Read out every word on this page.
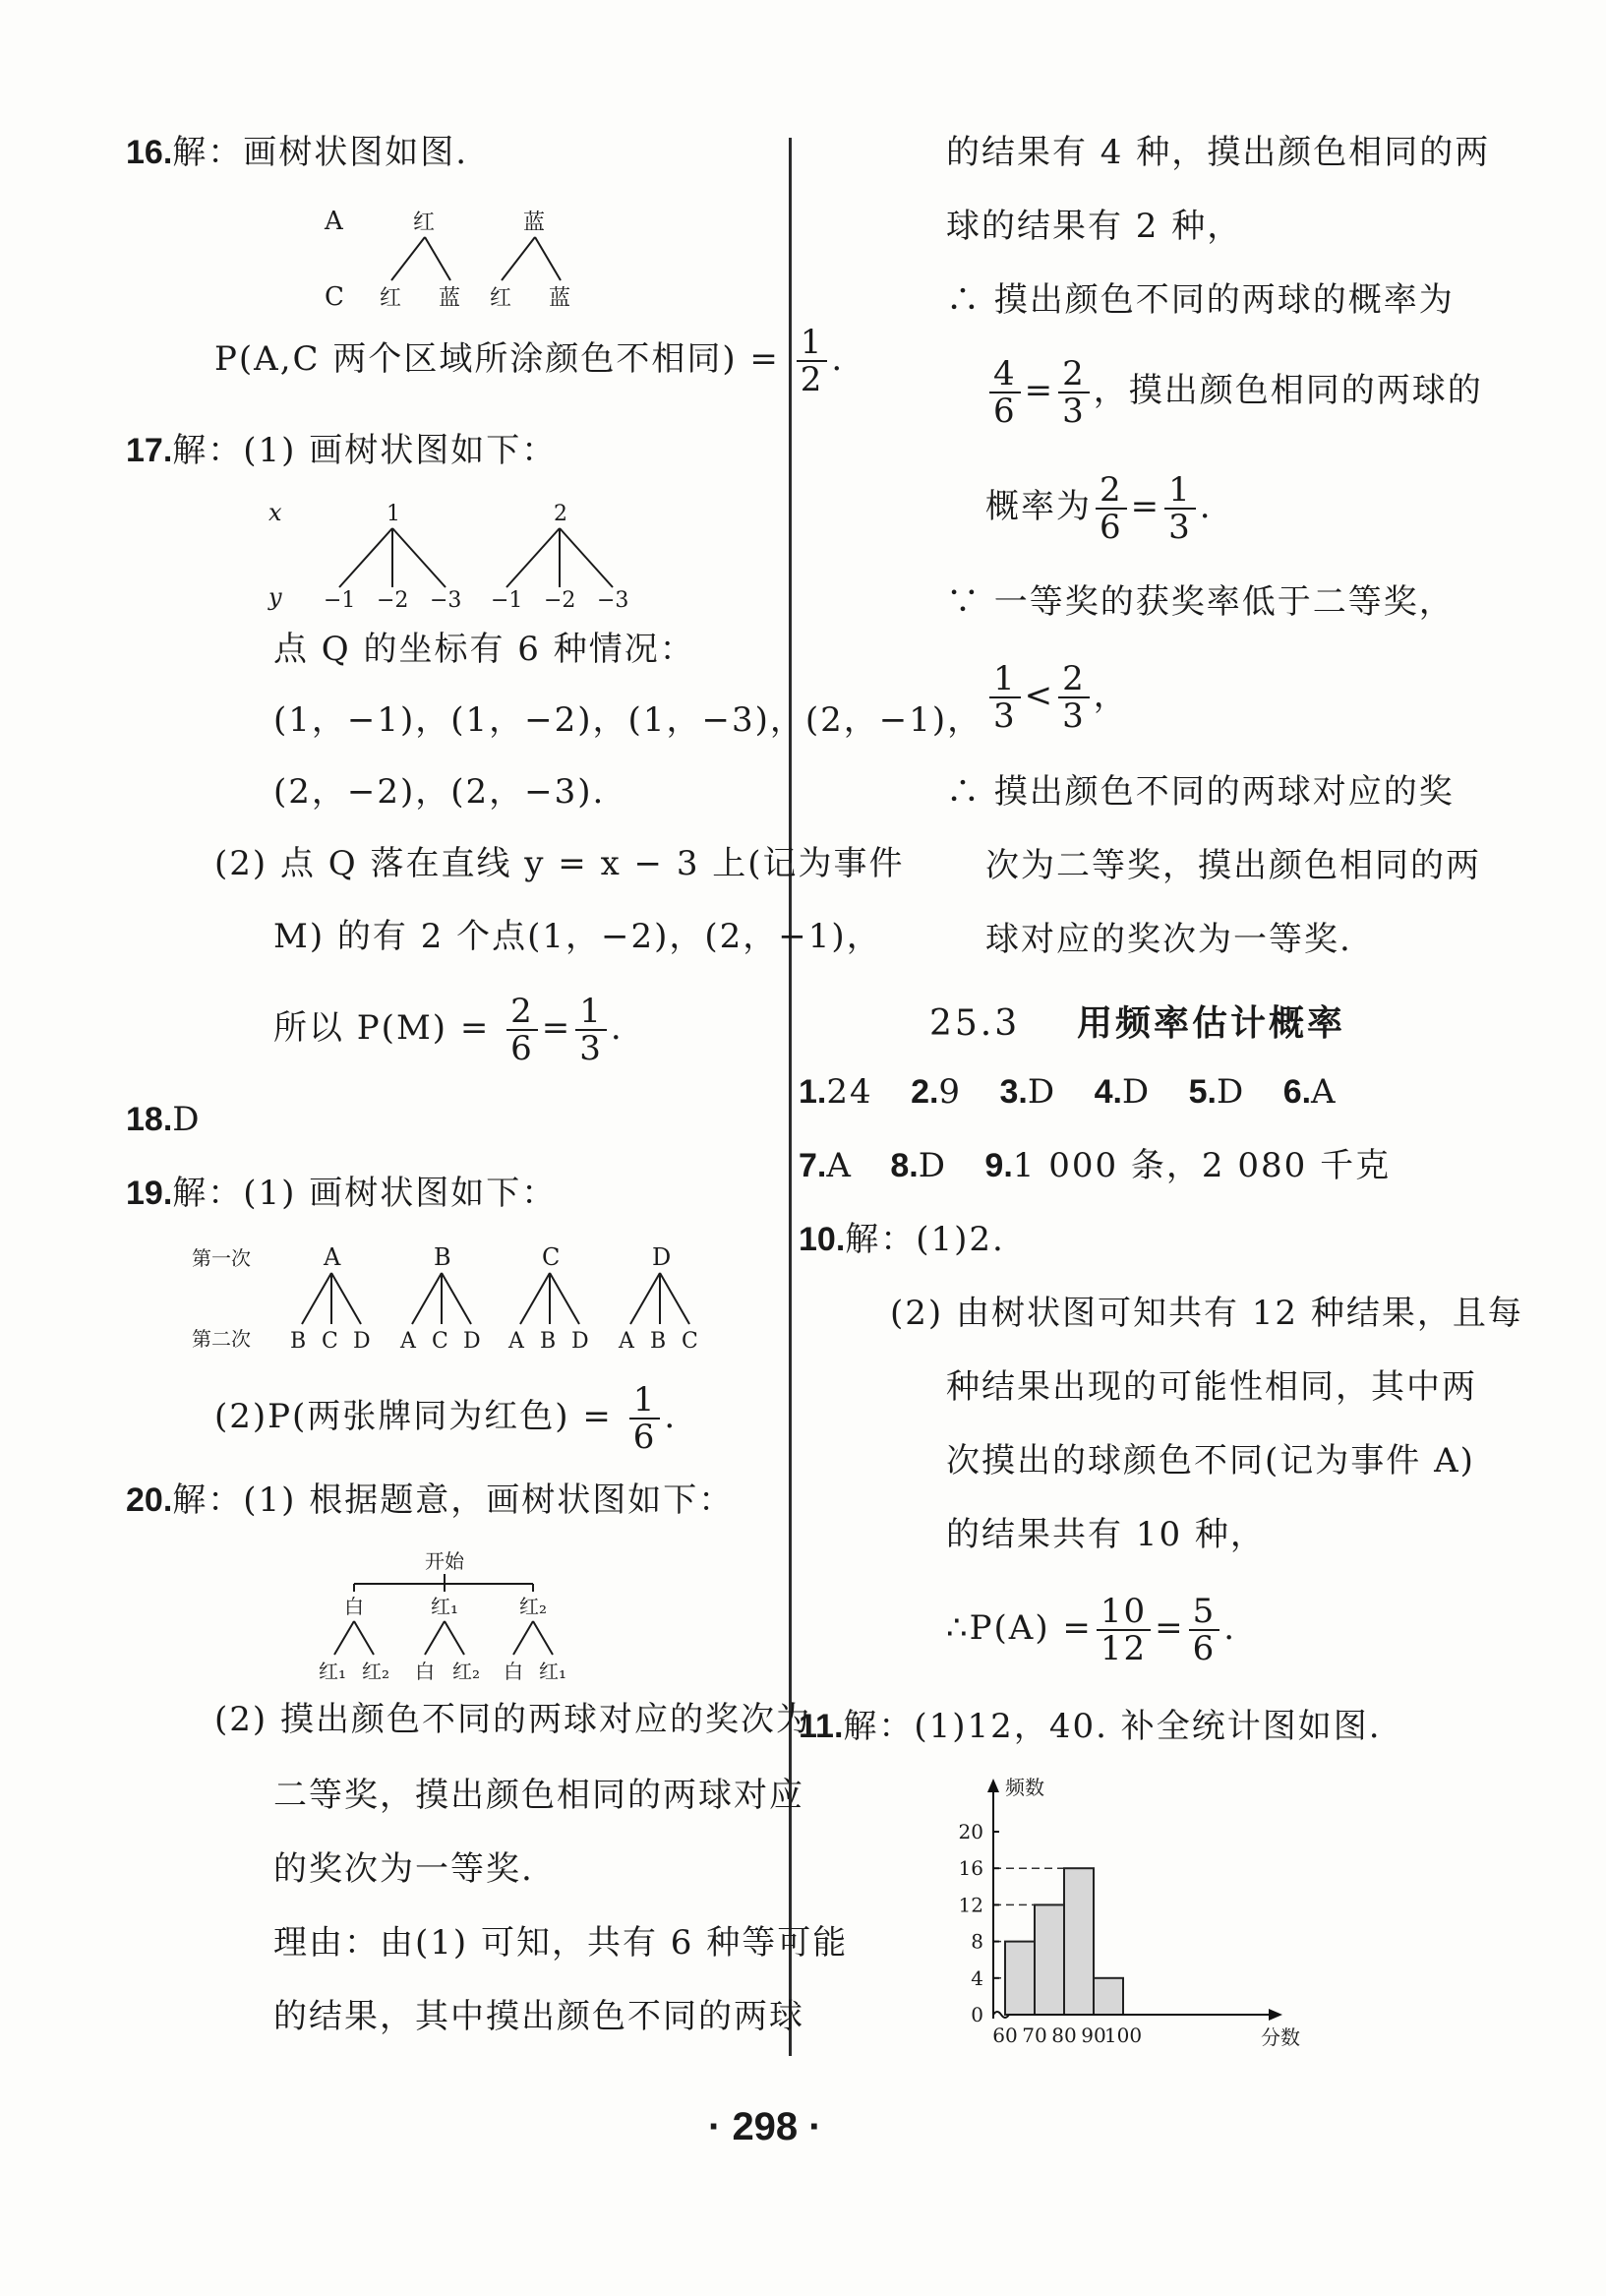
16.解：画树状图如图.
A
C
红	蓝
红 蓝 红 蓝
P(A,C 两个区域所涂颜色不相同) = $\frac{1}{2}$ .
17.解：(1) 画树状图如下：
x
y
1	2
−1 −2 −3 −1 −2 −3
点 Q 的坐标有 6 种情况：
(1，−1)，(1，−2)，(1，−3)，(2，−1)，
(2，−2)，(2，−3).
(2) 点 Q 落在直线 y = x − 3 上(记为事件
M) 的有 2 个点(1，−2)，(2，−1)，
所以 $P(M) = \frac{2}{6} = \frac{1}{3}$ .
18.D
19.解：(1) 画树状图如下：
第一次
第二次
A	B	C	D
B C D A C D A B D A B C
(2)P(两张牌同为红色) = $\frac{1}{6}$ .
20.解：(1) 根据题意，画树状图如下：
开始
白	红₁	红₂
红₁ 红₂ 白 红₂ 白 红₁
(2) 摸出颜色不同的两球对应的奖次为
二等奖，摸出颜色相同的两球对应
的奖次为一等奖.
理由：由(1) 可知，共有 6 种等可能
的结果，其中摸出颜色不同的两球
的结果有 4 种，摸出颜色相同的两
球的结果有 2 种，
∴ 摸出颜色不同的两球的概率为
$\frac{4}{6} = \frac{2}{3}$ ，摸出颜色相同的两球的
概率为 $\frac{2}{6} = \frac{1}{3}$ .
∵ 一等奖的获奖率低于二等奖，
$\frac{1}{3} < \frac{2}{3}$ ，
∴ 摸出颜色不同的两球对应的奖
次为二等奖，摸出颜色相同的两
球对应的奖次为一等奖.
25.3 用频率估计概率
1.24 2.9 3.D 4.D 5.D 6.A
7.A 8.D 9.1 000 条，2 080 千克
10.解：(1)2.
(2) 由树状图可知共有 12 种结果，且每
种结果出现的可能性相同，其中两
次摸出的球颜色不同(记为事件 A)
的结果共有 10 种，
∴P(A) = $\frac{10}{12} = \frac{5}{6}$ .
11.解：(1)12，40. 补全统计图如图.
0
4
8
12
16
20
60 70 80 90
100
频数
分数
· 298 ·
